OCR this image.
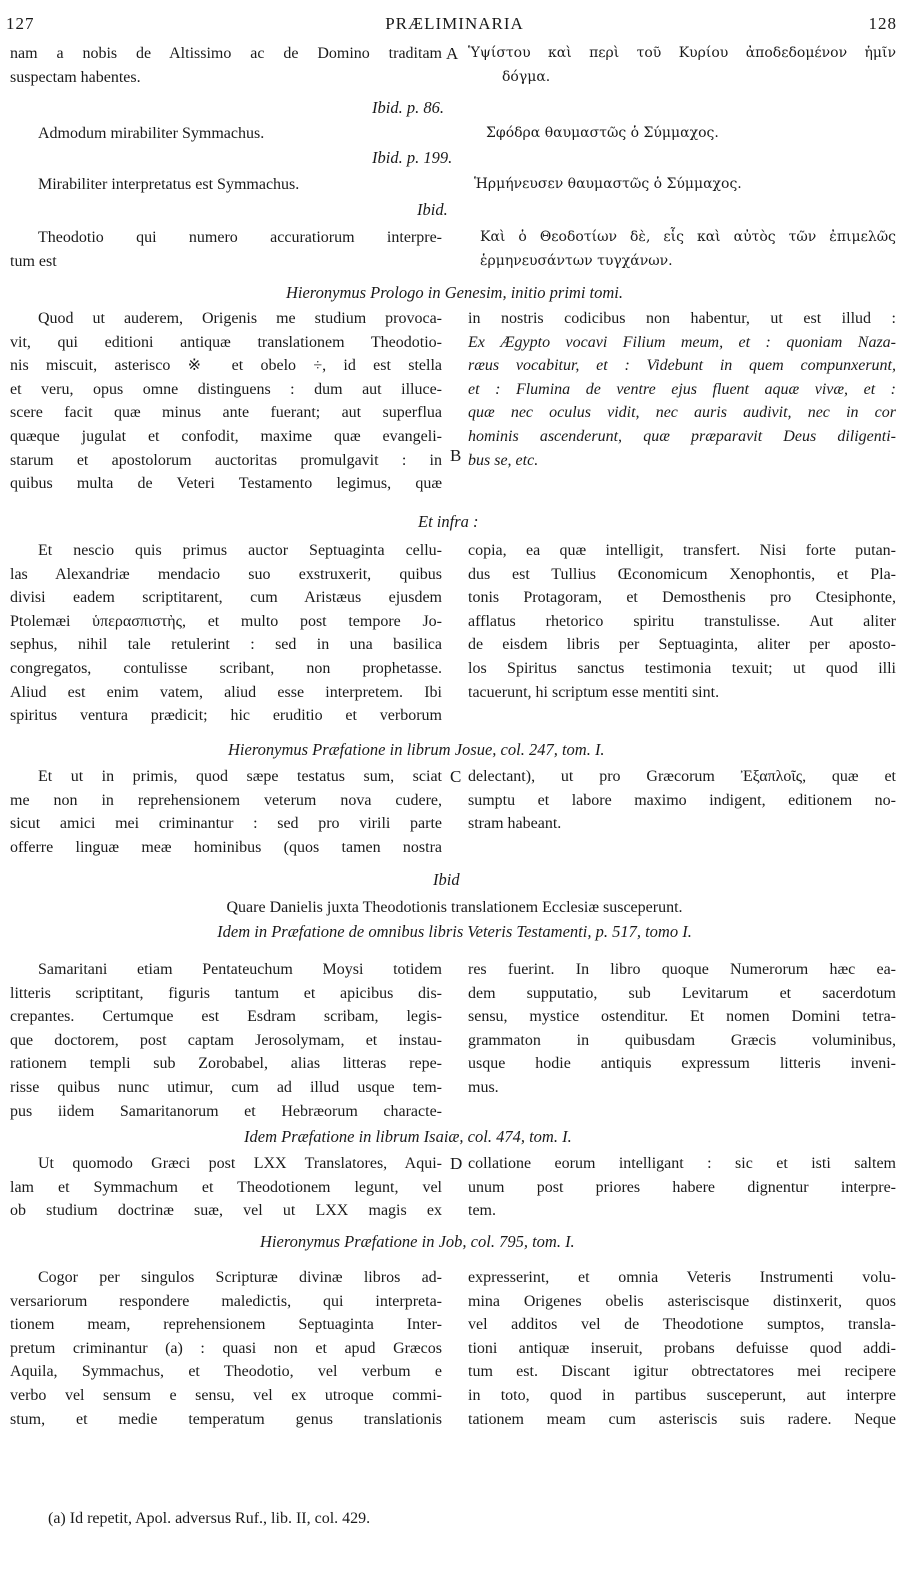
127	PRÆLIMINARIA	128
nam a nobis de Altissimo ac de Domino traditam
suspectam habentes.
A Ὑψίστου καὶ περὶ τοῦ Κυρίου ἀποδεδομένον ἡμῖν
δόγμα.
Ibid. p. 86.
Admodum mirabiliter Symmachus.	Σφόδρα θαυμαστῶς ὁ Σύμμαχος.
Ibid. p. 199.
Mirabiliter interpretatus est Symmachus.	Ἡρμήνευσεν θαυμαστῶς ὁ Σύμμαχος.
Ibid.
Theodotio qui numero accuratiorum interpre-
tum est
Καὶ ὁ Θεοδοτίων δὲ, εἷς καὶ αὐτὸς τῶν ἐπιμελῶς
ἑρμηνευσάντων τυγχάνων.
Hieronymus Prologo in Genesim, initio primi tomi.
Quod ut auderem, Origenis me studium provoca-
vit, qui editioni antiquæ translationem Theodotio-
nis miscuit, asterisco ※ et obelo ÷, id est stella
et veru, opus omne distinguens : dum aut illuce-
scere facit quæ minus ante fuerant; aut superflua
quæque jugulat et confodit, maxime quæ evangeli-
starum et apostolorum auctoritas promulgavit : in
quibus multa de Veteri Testamento legimus, quæ
B
in nostris codicibus non habentur, ut est illud :
Ex Ægypto vocavi Filium meum, et : quoniam Naza-
ræus vocabitur, et : Videbunt in quem compunxerunt,
et : Flumina de ventre ejus fluent aquæ vivæ, et :
quæ nec oculus vidit, nec auris audivit, nec in cor
hominis ascenderunt, quæ præparavit Deus diligenti-
bus se, etc.
Et infra :
Et nescio quis primus auctor Septuaginta cellu-
las Alexandriæ mendacio suo exstruxerit, quibus
divisi eadem scriptitarent, cum Aristæus ejusdem
Ptolemæi ὑπερασπιστὴς, et multo post tempore Jo-
sephus, nihil tale retulerint : sed in una basilica
congregatos, contulisse scribant, non prophetasse.
Aliud est enim vatem, aliud esse interpretem. Ibi
spiritus ventura prædicit; hic eruditio et verborum
copia, ea quæ intelligit, transfert. Nisi forte putan-
dus est Tullius Œconomicum Xenophontis, et Pla-
tonis Protagoram, et Demosthenis pro Ctesiphonte,
afflatus rhetorico spiritu transtulisse. Aut aliter
de eisdem libris per Septuaginta, aliter per aposto-
los Spiritus sanctus testimonia texuit; ut quod illi
tacuerunt, hi scriptum esse mentiti sint.
Hieronymus Præfatione in librum Josue, col. 247, tom. I.
Et ut in primis, quod sæpe testatus sum, sciat
me non in reprehensionem veterum nova cudere,
sicut amici mei criminantur : sed pro virili parte
offerre linguæ meæ hominibus (quos tamen nostra
C delectant), ut pro Græcorum Ἐξαπλοῖς, quæ et
sumptu et labore maximo indigent, editionem no-
stram habeant.
Ibid
Quare Danielis juxta Theodotionis translationem Ecclesiæ susceperunt.
Idem in Præfatione de omnibus libris Veteris Testamenti, p. 517, tomo I.
Samaritani etiam Pentateuchum Moysi totidem
litteris scriptitant, figuris tantum et apicibus dis-
crepantes. Certumque est Esdram scribam, legis-
que doctorem, post captam Jerosolymam, et instau-
rationem templi sub Zorobabel, alias litteras repe-
risse quibus nunc utimur, cum ad illud usque tem-
pus iidem Samaritanorum et Hebræorum characte-
res fuerint. In libro quoque Numerorum hæc ea-
dem supputatio, sub Levitarum et sacerdotum
sensu, mystice ostenditur. Et nomen Domini tetra-
grammaton in quibusdam Græcis voluminibus,
usque hodie antiquis expressum litteris inveni-
mus.
Idem Præfatione in librum Isaiæ, col. 474, tom. I.
Ut quomodo Græci post LXX Translatores, Aqui-
lam et Symmachum et Theodotionem legunt, vel
ob studium doctrinæ suæ, vel ut LXX magis ex
D collatione eorum intelligant : sic et isti saltem
unum post priores habere dignentur interpre-
tem.
Hieronymus Præfatione in Job, col. 795, tom. I.
Cogor per singulos Scripturæ divinæ libros ad-
versariorum respondere maledictis, qui interpreta-
tionem meam, reprehensionem Septuaginta Inter-
pretum criminantur (a) : quasi non et apud Græcos
Aquila, Symmachus, et Theodotio, vel verbum e
verbo vel sensum e sensu, vel ex utroque commi-
stum, et medie temperatum genus translationis
expresserint, et omnia Veteris Instrumenti volu-
mina Origenes obelis asteriscisque distinxerit, quos
vel additos vel de Theodotione sumptos, transla-
tioni antiquæ inseruit, probans defuisse quod addi-
tum est. Discant igitur obtrectatores mei recipere
in toto, quod in partibus susceperunt, aut interpre
tationem meam cum asteriscis suis radere. Neque
(a) Id repetit, Apol. adversus Ruf., lib. II, col. 429.
